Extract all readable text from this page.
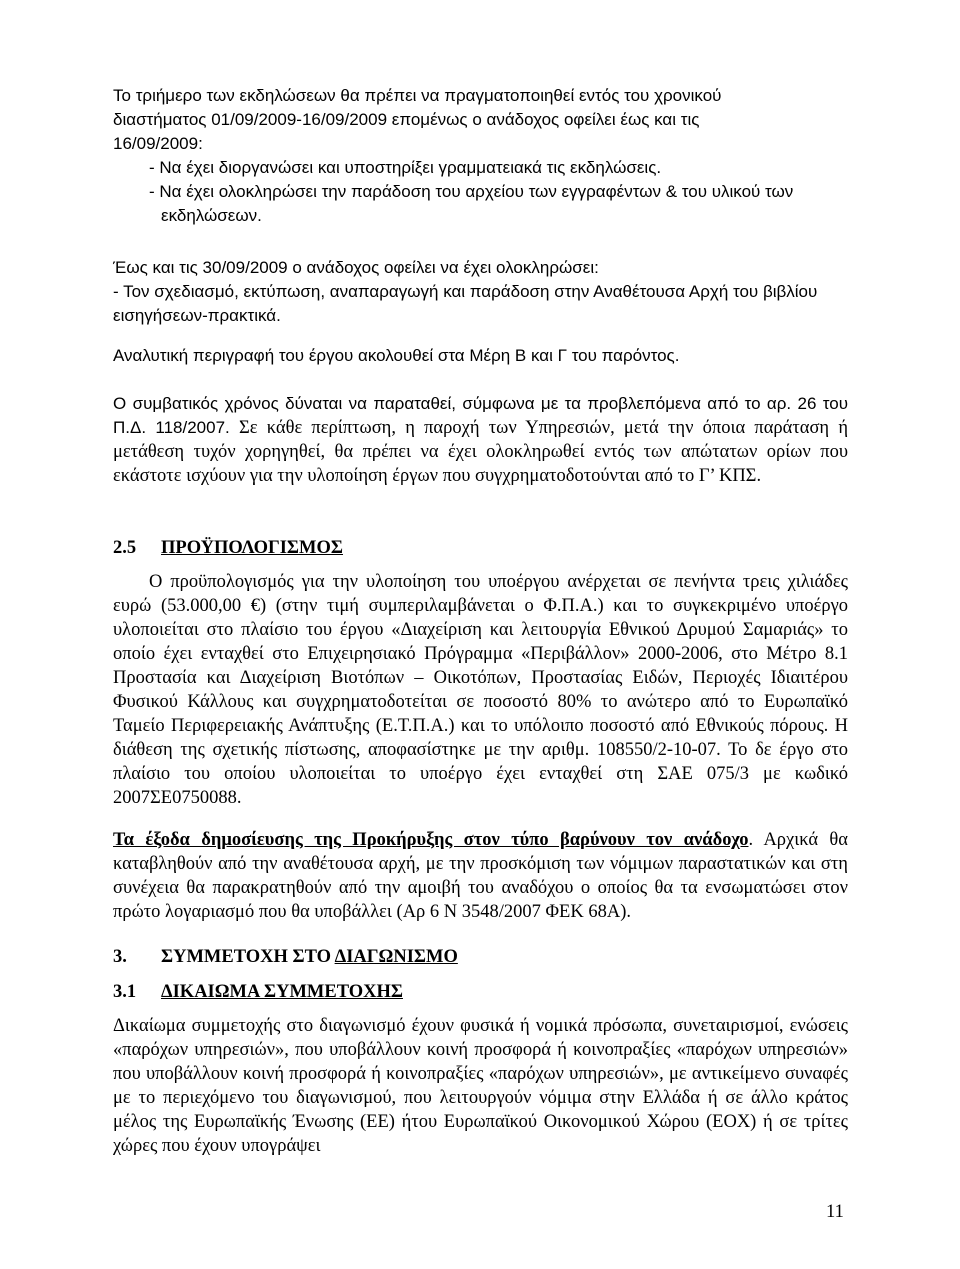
Το τριήμερο των εκδηλώσεων θα πρέπει να πραγματοποιηθεί εντός του χρονικού

διαστήματος 01/09/2009-16/09/2009 επομένως ο ανάδοχος οφείλει έως και τις

16/09/2009:

- Να έχει διοργανώσει και υποστηρίξει γραμματειακά τις εκδηλώσεις.

- Να έχει ολοκληρώσει την παράδοση του αρχείου των εγγραφέντων & του υλικού των εκδηλώσεων.

Έως και τις 30/09/2009 ο ανάδοχος οφείλει να έχει ολοκληρώσει:

- Τον σχεδιασμό, εκτύπωση, αναπαραγωγή και παράδοση στην Αναθέτουσα Αρχή του βιβλίου εισηγήσεων-πρακτικά.

Αναλυτική περιγραφή του έργου ακολουθεί στα Μέρη Β και Γ του παρόντος.

Ο συμβατικός χρόνος δύναται να παραταθεί, σύμφωνα με τα προβλεπόμενα από το αρ. 26 του Π.Δ. 118/2007. Σε κάθε περίπτωση, η παροχή των Υπηρεσιών, μετά την όποια παράταση ή μετάθεση τυχόν χορηγηθεί, θα πρέπει να έχει ολοκληρωθεί εντός των απώτατων ορίων που εκάστοτε ισχύουν για την υλοποίηση έργων που συγχρηματοδοτούνται από το Γ’ ΚΠΣ.

2.5 ΠΡΟΫΠΟΛΟΓΙΣΜΟΣ

Ο προϋπολογισμός για την υλοποίηση του υποέργου ανέρχεται σε πενήντα τρεις χιλιάδες ευρώ (53.000,00 €) (στην τιμή συμπεριλαμβάνεται ο Φ.Π.Α.) και το συγκεκριμένο υποέργο υλοποιείται στο πλαίσιο του έργου «Διαχείριση και λειτουργία Εθνικού Δρυμού Σαμαριάς» το οποίο έχει ενταχθεί στο Επιχειρησιακό Πρόγραμμα «Περιβάλλον» 2000-2006, στο Μέτρο 8.1 Προστασία και Διαχείριση Βιοτόπων – Οικοτόπων, Προστασίας Ειδών, Περιοχές Ιδιαιτέρου Φυσικού Κάλλους και συγχρηματοδοτείται σε ποσοστό 80% το ανώτερο από το Ευρωπαϊκό Ταμείο Περιφερειακής Ανάπτυξης (Ε.Τ.Π.Α.) και το υπόλοιπο ποσοστό από Εθνικούς πόρους. Η διάθεση της σχετικής πίστωσης, αποφασίστηκε με την αριθμ. 108550/2-10-07. Το δε έργο στο πλαίσιο του οποίου υλοποιείται το υποέργο έχει ενταχθεί στη ΣΑΕ 075/3 με κωδικό 2007ΣΕ0750088.

Τα έξοδα δημοσίευσης της Προκήρυξης στον τύπο βαρύνουν τον ανάδοχο. Αρχικά θα καταβληθούν από την αναθέτουσα αρχή, με την προσκόμιση των νόμιμων παραστατικών και στη συνέχεια θα παρακρατηθούν από την αμοιβή του αναδόχου ο οποίος θα τα ενσωματώσει στον πρώτο λογαριασμό που θα υποβάλλει (Αρ 6 Ν 3548/2007 ΦΕΚ 68Α).

3. ΣΥΜΜΕΤΟΧΗ ΣΤΟ ΔΙΑΓΩΝΙΣΜΟ
3.1 ΔΙΚΑΙΩΜΑ ΣΥΜΜΕΤΟΧΗΣ

Δικαίωμα συμμετοχής στο διαγωνισμό έχουν φυσικά ή νομικά πρόσωπα, συνεταιρισμοί, ενώσεις «παρόχων υπηρεσιών», που υποβάλλουν κοινή προσφορά ή κοινοπραξίες «παρόχων υπηρεσιών» που υποβάλλουν κοινή προσφορά ή κοινοπραξίες «παρόχων υπηρεσιών», με αντικείμενο συναφές με το περιεχόμενο του διαγωνισμού, που λειτουργούν νόμιμα στην Ελλάδα ή σε άλλο κράτος μέλος της Ευρωπαϊκής Ένωσης (ΕΕ) ήτου Ευρωπαϊκού Οικονομικού Χώρου (ΕΟΧ) ή σε τρίτες χώρες που έχουν υπογράψει

11
